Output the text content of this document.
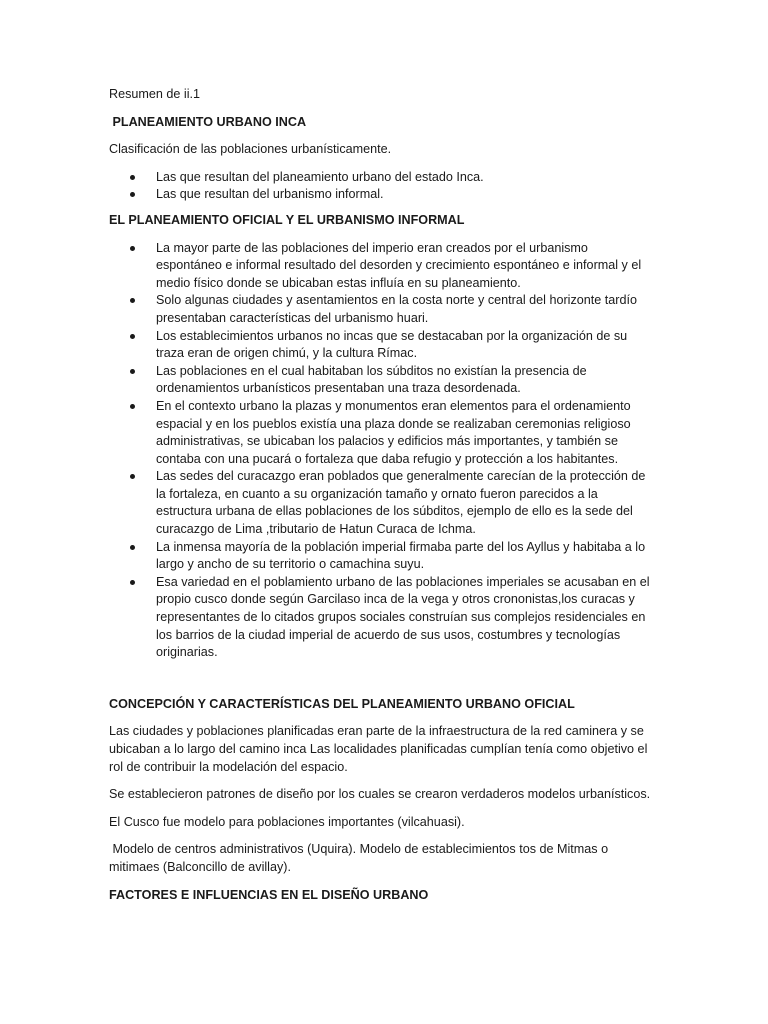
Resumen de ii.1

PLANEAMIENTO URBANO INCA

Clasificación de las poblaciones urbanísticamente.

Las que resultan del planeamiento urbano del estado Inca.
Las que resultan del urbanismo informal.

EL PLANEAMIENTO OFICIAL Y EL URBANISMO INFORMAL

La mayor parte de las poblaciones del imperio eran creados por el urbanismo espontáneo e informal resultado del desorden y crecimiento espontáneo e informal y el medio físico donde se ubicaban estas influía en su planeamiento.
Solo algunas ciudades y asentamientos en la costa norte y central del horizonte tardío presentaban características del urbanismo huari.
Los establecimientos urbanos no incas que se destacaban por la organización de su traza eran de origen chimú, y la cultura Rímac.
Las poblaciones en el cual habitaban los súbditos no existían la presencia de ordenamientos urbanísticos presentaban una traza desordenada.
En el contexto urbano la plazas y monumentos eran elementos para el ordenamiento espacial y en los pueblos existía una plaza donde se realizaban ceremonias religioso administrativas, se ubicaban los palacios y edificios más importantes, y también se contaba con una pucará o fortaleza que daba refugio y protección a los habitantes.
Las sedes del curacazgo eran poblados que generalmente carecían de la protección de la fortaleza, en cuanto a su organización tamaño y ornato fueron parecidos a la estructura urbana de ellas poblaciones de los súbditos, ejemplo de ello es la sede del curacazgo de Lima ,tributario de Hatun Curaca de Ichma.
La inmensa mayoría de la población imperial firmaba parte del los Ayllus y habitaba a lo largo y ancho de su territorio o camachina suyu.
Esa variedad en el poblamiento urbano de las poblaciones imperiales se acusaban en el propio cusco donde según Garcilaso inca de la vega y otros crononistas,los curacas y representantes de lo citados grupos sociales construían sus complejos residenciales en los barrios de la ciudad imperial de acuerdo de sus usos, costumbres y tecnologías originarias.

CONCEPCIÓN Y CARACTERÍSTICAS DEL PLANEAMIENTO URBANO OFICIAL

Las ciudades y poblaciones planificadas eran parte de la infraestructura de la red caminera y se ubicaban a lo largo del camino inca Las localidades planificadas cumplían tenía como objetivo el rol de contribuir la modelación del espacio.

Se establecieron patrones de diseño por los cuales se crearon verdaderos modelos urbanísticos.

El Cusco fue modelo para poblaciones importantes (vilcahuasi).

Modelo de centros administrativos (Uquira). Modelo de establecimientos tos de Mitmas o mitimaes (Balconcillo de avillay).

FACTORES E INFLUENCIAS EN EL DISEÑO URBANO
